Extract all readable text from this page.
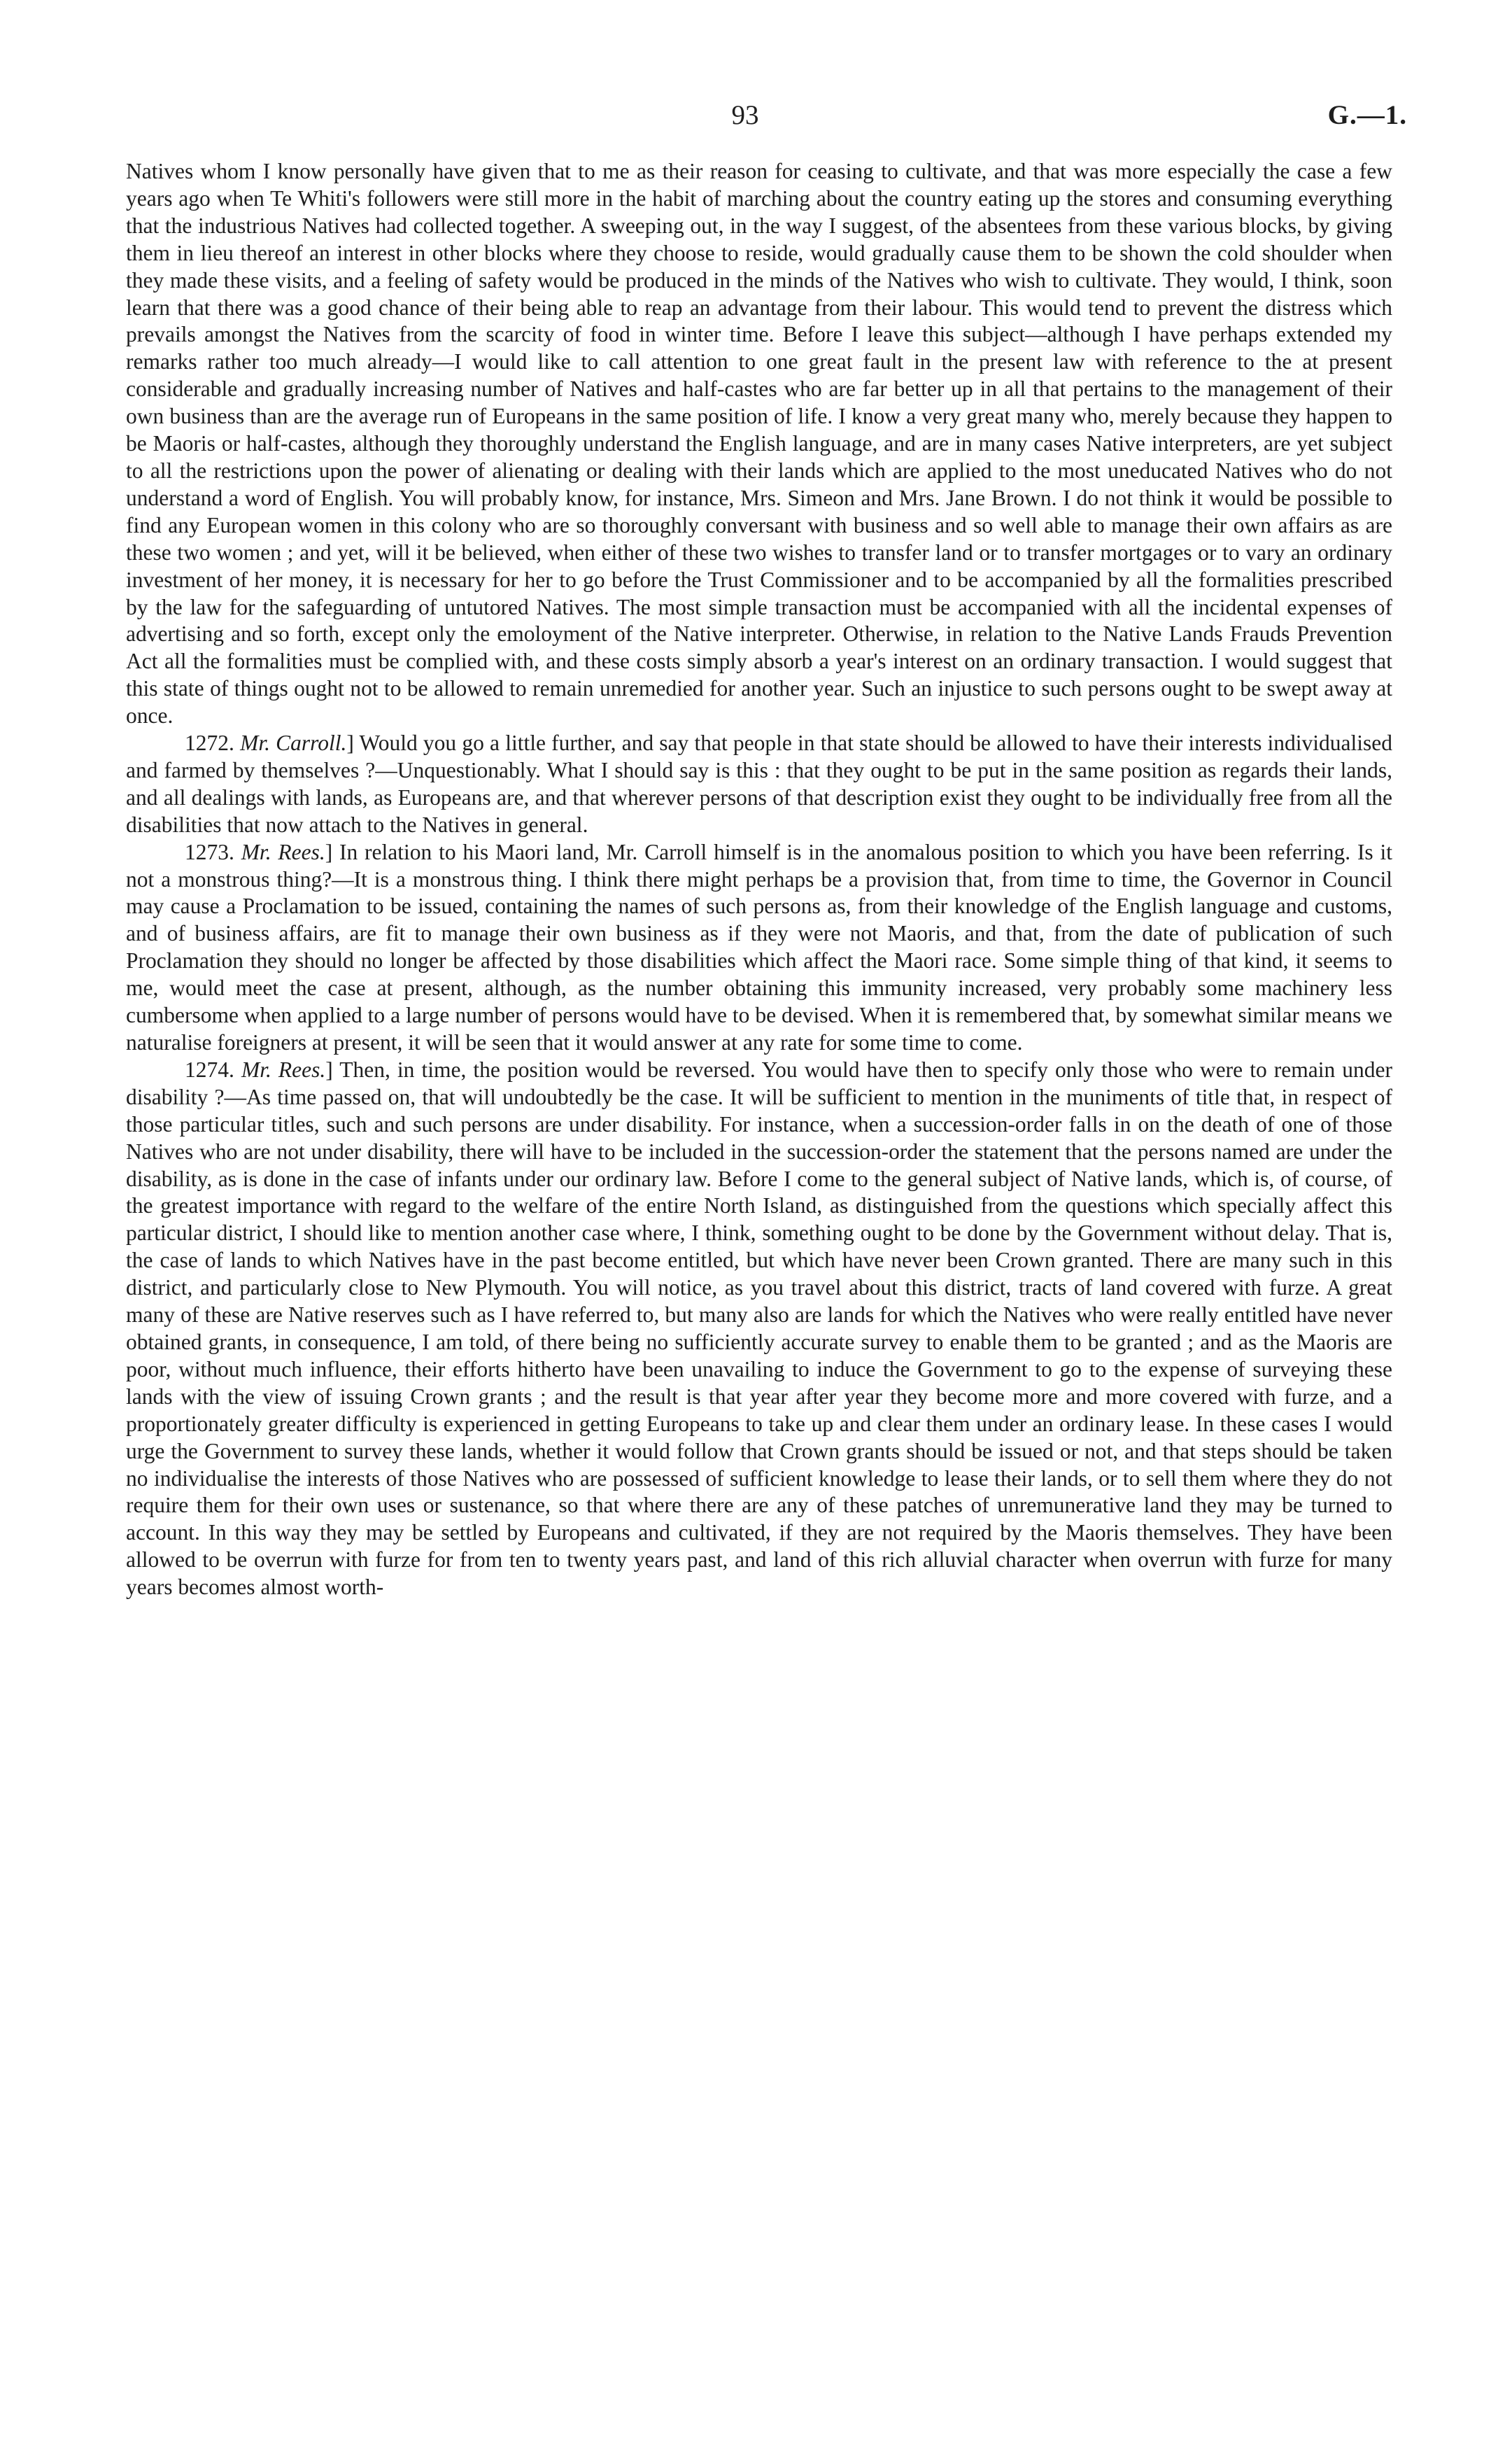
93	G.—1.

Natives whom I know personally have given that to me as their reason for ceasing to cultivate, and that was more especially the case a few years ago when Te Whiti's followers were still more in the habit of marching about the country eating up the stores and consuming everything that the industrious Natives had collected together. A sweeping out, in the way I suggest, of the absentees from these various blocks, by giving them in lieu thereof an interest in other blocks where they choose to reside, would gradually cause them to be shown the cold shoulder when they made these visits, and a feeling of safety would be produced in the minds of the Natives who wish to cultivate. They would, I think, soon learn that there was a good chance of their being able to reap an advantage from their labour. This would tend to prevent the distress which prevails amongst the Natives from the scarcity of food in winter time. Before I leave this subject—although I have perhaps extended my remarks rather too much already—I would like to call attention to one great fault in the present law with reference to the at present considerable and gradually increasing number of Natives and half-castes who are far better up in all that pertains to the management of their own business than are the average run of Europeans in the same position of life. I know a very great many who, merely because they happen to be Maoris or half-castes, although they thoroughly understand the English language, and are in many cases Native interpreters, are yet subject to all the restrictions upon the power of alienating or dealing with their lands which are applied to the most uneducated Natives who do not understand a word of English. You will probably know, for instance, Mrs. Simeon and Mrs. Jane Brown. I do not think it would be possible to find any European women in this colony who are so thoroughly conversant with business and so well able to manage their own affairs as are these two women ; and yet, will it be believed, when either of these two wishes to transfer land or to transfer mortgages or to vary an ordinary investment of her money, it is necessary for her to go before the Trust Commissioner and to be accompanied by all the formalities prescribed by the law for the safeguarding of untutored Natives. The most simple transaction must be accompanied with all the incidental expenses of advertising and so forth, except only the emoloyment of the Native interpreter. Otherwise, in relation to the Native Lands Frauds Prevention Act all the formalities must be complied with, and these costs simply absorb a year's interest on an ordinary transaction. I would suggest that this state of things ought not to be allowed to remain unremedied for another year. Such an injustice to such persons ought to be swept away at once.

1272. Mr. Carroll.] Would you go a little further, and say that people in that state should be allowed to have their interests individualised and farmed by themselves ?—Unquestionably. What I should say is this : that they ought to be put in the same position as regards their lands, and all dealings with lands, as Europeans are, and that wherever persons of that description exist they ought to be individually free from all the disabilities that now attach to the Natives in general.

1273. Mr. Rees.] In relation to his Maori land, Mr. Carroll himself is in the anomalous position to which you have been referring. Is it not a monstrous thing?—It is a monstrous thing. I think there might perhaps be a provision that, from time to time, the Governor in Council may cause a Proclamation to be issued, containing the names of such persons as, from their knowledge of the English language and customs, and of business affairs, are fit to manage their own business as if they were not Maoris, and that, from the date of publication of such Proclamation they should no longer be affected by those disabilities which affect the Maori race. Some simple thing of that kind, it seems to me, would meet the case at present, although, as the number obtaining this immunity increased, very probably some machinery less cumbersome when applied to a large number of persons would have to be devised. When it is remembered that, by somewhat similar means we naturalise foreigners at present, it will be seen that it would answer at any rate for some time to come.

1274. Mr. Rees.] Then, in time, the position would be reversed. You would have then to specify only those who were to remain under disability ?—As time passed on, that will undoubtedly be the case. It will be sufficient to mention in the muniments of title that, in respect of those particular titles, such and such persons are under disability. For instance, when a succession-order falls in on the death of one of those Natives who are not under disability, there will have to be included in the succession-order the statement that the persons named are under the disability, as is done in the case of infants under our ordinary law. Before I come to the general subject of Native lands, which is, of course, of the greatest importance with regard to the welfare of the entire North Island, as distinguished from the questions which specially affect this particular district, I should like to mention another case where, I think, something ought to be done by the Government without delay. That is, the case of lands to which Natives have in the past become entitled, but which have never been Crown granted. There are many such in this district, and particularly close to New Plymouth. You will notice, as you travel about this district, tracts of land covered with furze. A great many of these are Native reserves such as I have referred to, but many also are lands for which the Natives who were really entitled have never obtained grants, in consequence, I am told, of there being no sufficiently accurate survey to enable them to be granted ; and as the Maoris are poor, without much influence, their efforts hitherto have been unavailing to induce the Government to go to the expense of surveying these lands with the view of issuing Crown grants ; and the result is that year after year they become more and more covered with furze, and a proportionately greater difficulty is experienced in getting Europeans to take up and clear them under an ordinary lease. In these cases I would urge the Government to survey these lands, whether it would follow that Crown grants should be issued or not, and that steps should be taken no individualise the interests of those Natives who are possessed of sufficient knowledge to lease their lands, or to sell them where they do not require them for their own uses or sustenance, so that where there are any of these patches of unremunerative land they may be turned to account. In this way they may be settled by Europeans and cultivated, if they are not required by the Maoris themselves. They have been allowed to be overrun with furze for from ten to twenty years past, and land of this rich alluvial character when overrun with furze for many years becomes almost worth-
